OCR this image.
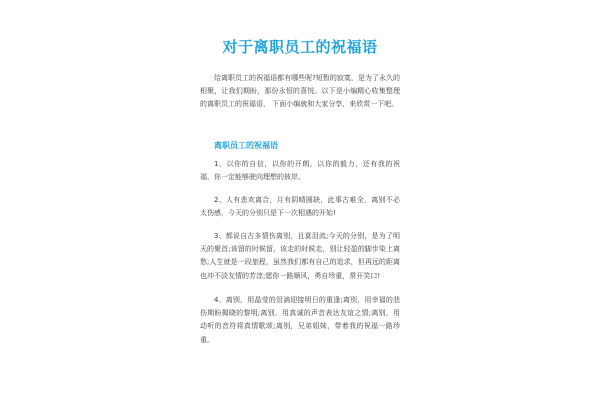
对于离职员工的祝福语

给离职员工的祝福语都有哪些呢?短暂的寂寞，是为了永久的相聚，让我们期盼，那份永恒的喜悦。以下是小编精心收集整理的离职员工的祝福语， 下面小编就和大家分享，来欣赏一下吧。

离职员工的祝福语

1、以你的自信，以你的开朗，以你的毅力，还有我的祝福，你一定能够驶向理想的彼岸。

2、人有悲欢离合，月有阴晴圆缺，此事古难全，离别不必太伤感，今天的分别只是下一次相遇的开始!

3、都说自古多情伤离别，且莫泪流;今天的分别，是为了明天的聚首;该留的时候留，该走的时候走，别让轻盈的脚步染上离愁;人生就是一段旅程，虽然我们都有自己的追求，但再远的距离也冲不淡友情的芳淳;愿你一路顺风，勇自珍重，常开笑口!

4、离别，用晶莹的泪滴迎接明日的重逢;离别，用幸福的悲伤期盼揭晓的黎明;离别，用真诚的声音表达友谊之情;离别，用动听的音符将真情歌颂;离别，兄弟姐妹，带着我的祝福一路珍重。
